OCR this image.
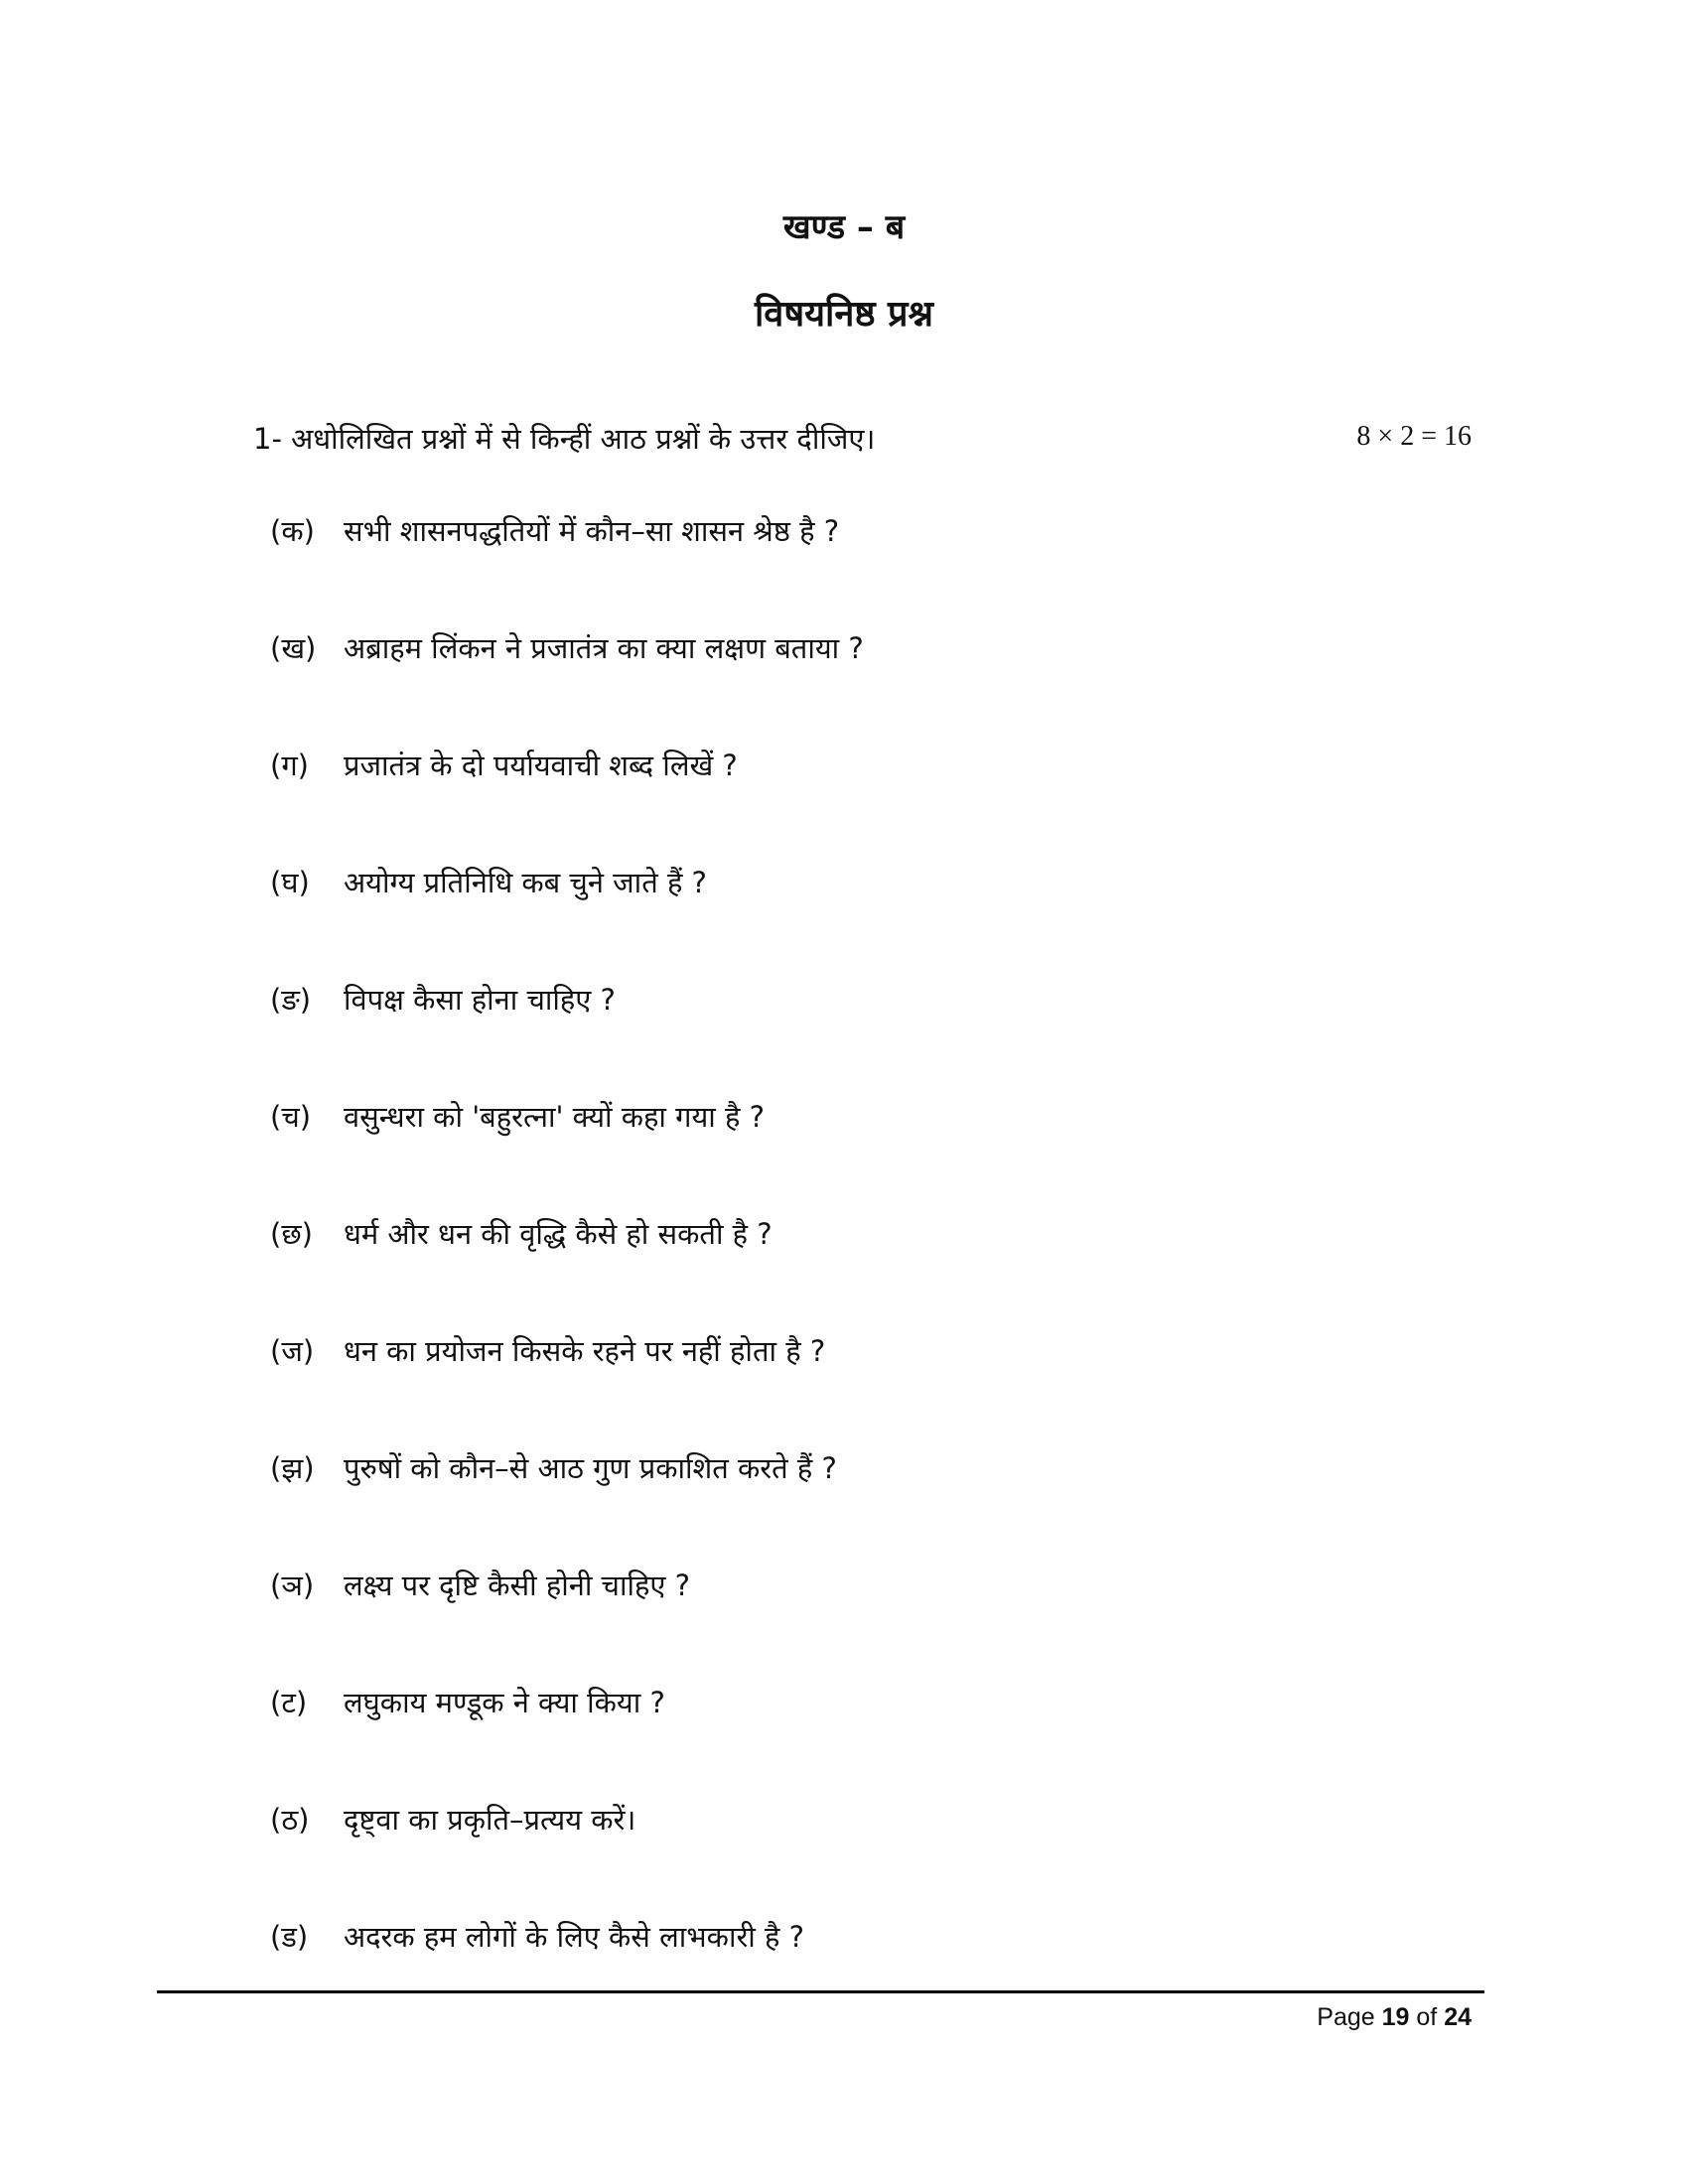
खण्ड – ब
विषयनिष्ठ प्रश्न
1- अधोलिखित प्रश्नों में से किन्हीं आठ प्रश्नों के उत्तर दीजिए।	8 × 2 = 16
(क) सभी शासनपद्धतियों में कौन–सा शासन श्रेष्ठ है ?
(ख) अब्राहम लिंकन ने प्रजातंत्र का क्या लक्षण बताया ?
(ग) प्रजातंत्र के दो पर्यायवाची शब्द लिखें ?
(घ) अयोग्य प्रतिनिधि कब चुने जाते हैं ?
(ङ) विपक्ष कैसा होना चाहिए ?
(च) वसुन्धरा को 'बहुरत्ना' क्यों कहा गया है ?
(छ) धर्म और धन की वृद्धि कैसे हो सकती है ?
(ज) धन का प्रयोजन किसके रहने पर नहीं होता है ?
(झ) पुरुषों को कौन–से आठ गुण प्रकाशित करते हैं ?
(ञ) लक्ष्य पर दृष्टि कैसी होनी चाहिए ?
(ट) लघुकाय मण्डूक ने क्या किया ?
(ठ) दृष्ट्वा का प्रकृति–प्रत्यय करें।
(ड) अदरक हम लोगों के लिए कैसे लाभकारी है ?
Page 19 of 24
